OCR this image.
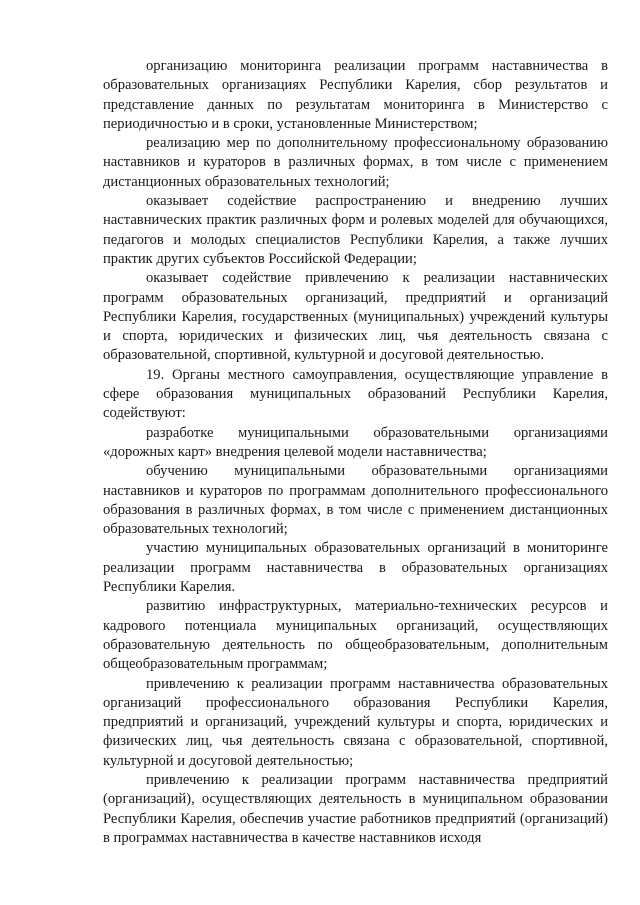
организацию мониторинга реализации программ наставничества в образовательных организациях Республики Карелия, сбор результатов и представление данных по результатам мониторинга в Министерство с периодичностью и в сроки, установленные Министерством;

реализацию мер по дополнительному профессиональному образованию наставников и кураторов в различных формах, в том числе с применением дистанционных образовательных технологий;

оказывает содействие распространению и внедрению лучших наставнических практик различных форм и ролевых моделей для обучающихся, педагогов и молодых специалистов Республики Карелия, а также лучших практик других субъектов Российской Федерации;

оказывает содействие привлечению к реализации наставнических программ образовательных организаций, предприятий и организаций Республики Карелия, государственных (муниципальных) учреждений культуры и спорта, юридических и физических лиц, чья деятельность связана с образовательной, спортивной, культурной и досуговой деятельностью.

19. Органы местного самоуправления, осуществляющие управление в сфере образования муниципальных образований Республики Карелия, содействуют:

разработке муниципальными образовательными организациями «дорожных карт» внедрения целевой модели наставничества;

обучению муниципальными образовательными организациями наставников и кураторов по программам дополнительного профессионального образования в различных формах, в том числе с применением дистанционных образовательных технологий;

участию муниципальных образовательных организаций в мониторинге реализации программ наставничества в образовательных организациях Республики Карелия.

развитию инфраструктурных, материально-технических ресурсов и кадрового потенциала муниципальных организаций, осуществляющих образовательную деятельность по общеобразовательным, дополнительным общеобразовательным программам;

привлечению к реализации программ наставничества образовательных организаций профессионального образования Республики Карелия, предприятий и организаций, учреждений культуры и спорта, юридических и физических лиц, чья деятельность связана с образовательной, спортивной, культурной и досуговой деятельностью;

привлечению к реализации программ наставничества предприятий (организаций), осуществляющих деятельность в муниципальном образовании Республики Карелия, обеспечив участие работников предприятий (организаций) в программах наставничества в качестве наставников исходя
